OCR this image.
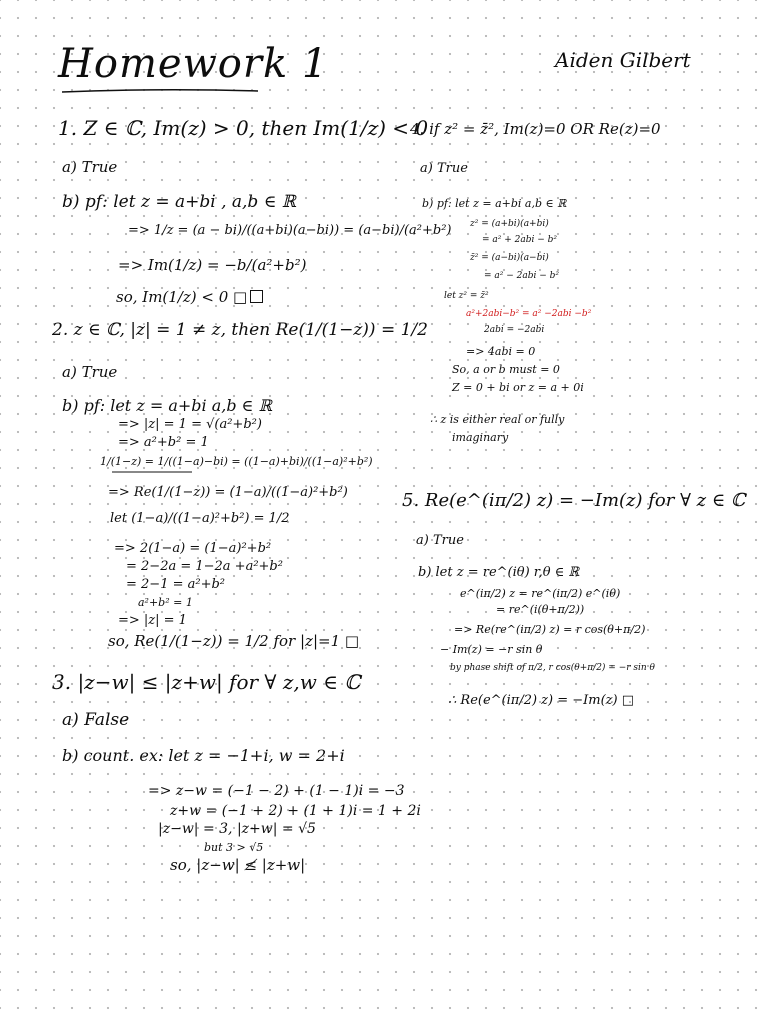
Homework 1	Aiden Gilbert
1. Z ∈ ℂ, Im(z) > 0, then Im(1/z) < 0
a) True
b) pf: let z = a+bi , a,b ∈ ℝ
=> 1/z = (a − bi)/((a+bi)(a−bi)) = (a−bi)/(a²+b²)
=> Im(1/z) = −b/(a²+b²)
so, Im(1/z) < 0 □
2. z ∈ ℂ, |z| = 1 ≠ z, then Re(1/(1−z)) = 1/2
a) True
b) pf: let z = a+bi a,b ∈ ℝ
=> |z| = 1 = √(a²+b²)
=> a²+b² = 1
1/(1−z) = 1/((1−a)−bi) = ((1−a)+bi)/((1−a)²+b²)
=> Re(1/(1−z)) = (1−a)/((1−a)²+b²)
let (1−a)/((1−a)²+b²) = 1/2
=> 2(1−a) = (1−a)²+b²
= 2−2a = 1−2a +a²+b²
= 2−1 = a²+b²
a²+b² = 1
=> |z| = 1
so, Re(1/(1−z)) = 1/2 for |z|=1 □
3. |z−w| ≤ |z+w| for ∀ z,w ∈ ℂ
a) False
b) count. ex: let z = −1+i, w = 2+i
=> z−w = (−1 − 2) + (1 − 1)i = −3
z+w = (−1 + 2) + (1 + 1)i = 1 + 2i
|z−w| = 3, |z+w| = √5
but 3 > √5
so, |z−w| ≰ |z+w|
4. if z² = z̄², Im(z)=0 OR Re(z)=0
a) True
b) pf: let z = a+bi a,b ∈ ℝ
z² = (a+bi)(a+bi)
= a² + 2abi − b²
z̄² = (a−bi)(a−bi)
= a² − 2abi − b²
let z² = z̄²
a²+2abi−b² = a² −2abi −b²
2abi = −2abi
=> 4abi = 0
So, a or b must = 0
Z = 0 + bi or z = a + 0i
∴ z is either real or fully
imaginary
5. Re(e^(iπ/2) z) = −Im(z) for ∀ z ∈ ℂ
a) True
b) let z = re^(iθ) r,θ ∈ ℝ
e^(iπ/2) z = re^(iπ/2) e^(iθ)
= re^(i(θ+π/2))
=> Re(re^(iπ/2) z) = r cos(θ+π/2)
− Im(z) = −r sin θ
by phase shift of π/2, r cos(θ+π/2) = −r sin θ
∴ Re(e^(iπ/2) z) = −Im(z) □
